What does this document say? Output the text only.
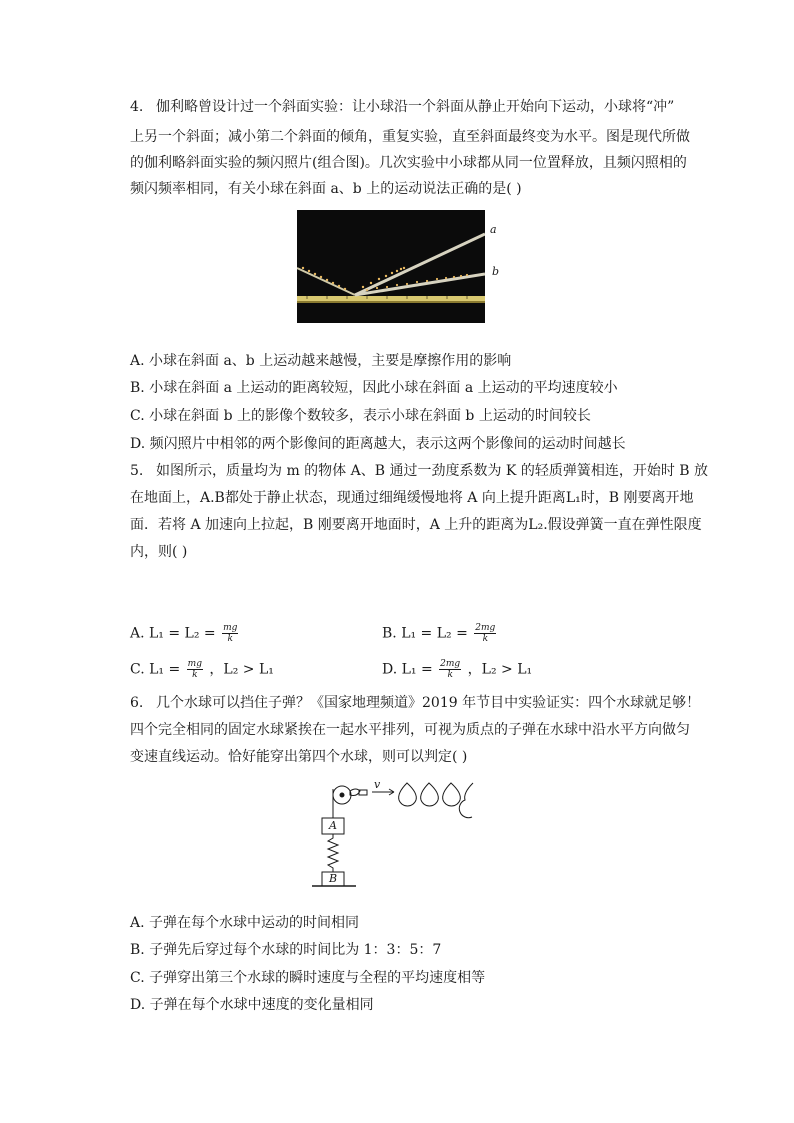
4. 伽利略曾设计过一个斜面实验：让小球沿一个斜面从静止开始向下运动，小球将“冲”
上另一个斜面；减小第二个斜面的倾角，重复实验，直至斜面最终变为水平。图是现代所做
的伽利略斜面实验的频闪照片(组合图)。几次实验中小球都从同一位置释放，且频闪照相的
频闪频率相同，有关小球在斜面 a、b 上的运动说法正确的是( )
a
b
A. 小球在斜面 a、b 上运动越来越慢，主要是摩擦作用的影响
B. 小球在斜面 a 上运动的距离较短，因此小球在斜面 a 上运动的平均速度较小
C. 小球在斜面 b 上的影像个数较多，表示小球在斜面 b 上运动的时间较长
D. 频闪照片中相邻的两个影像间的距离越大，表示这两个影像间的运动时间越长
5. 如图所示，质量均为 m 的物体 A、B 通过一劲度系数为 K 的轻质弹簧相连，开始时 B 放
在地面上，A.B都处于静止状态，现通过细绳缓慢地将 A 向上提升距离L₁时，B 刚要离开地
面．若将 A 加速向上拉起，B 刚要离开地面时，A 上升的距离为L₂.假设弹簧一直在弹性限度
内，则( )
A. $L_1 = L_2 = \frac{mg}{k}$	B. $L_1 = L_2 = \frac{2mg}{k}$
C. $L_1 = \frac{mg}{k}$ ，L₂ > L₁	D. $L_1 = \frac{2mg}{k}$ ，L₂ > L₁
6. 几个水球可以挡住子弹？《国家地理频道》2019 年节目中实验证实：四个水球就足够！
四个完全相同的固定水球紧挨在一起水平排列，可视为质点的子弹在水球中沿水平方向做匀
变速直线运动。恰好能穿出第四个水球，则可以判定( )
v
A
B
A. 子弹在每个水球中运动的时间相同
B. 子弹先后穿过每个水球的时间比为 1：3：5：7
C. 子弹穿出第三个水球的瞬时速度与全程的平均速度相等
D. 子弹在每个水球中速度的变化量相同
